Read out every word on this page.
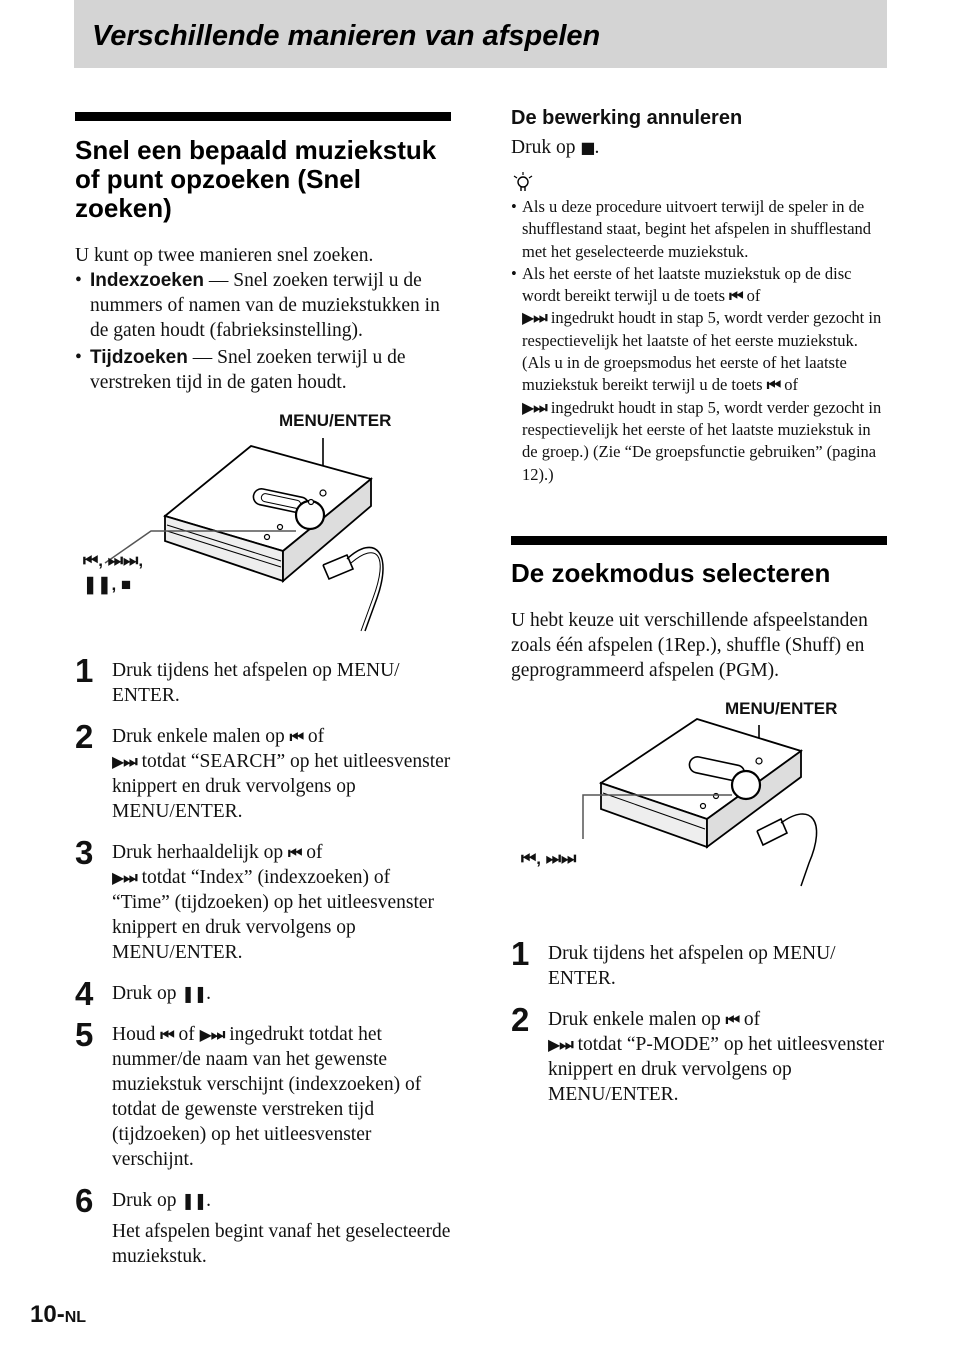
Verschillende manieren van afspelen
Snel een bepaald muziekstuk of punt opzoeken (Snel zoeken)

U kunt op twee manieren snel zoeken.

• Indexzoeken — Snel zoeken terwijl u de nummers of namen van de muziekstukken in de gaten houdt (fabrieksinstelling).

• Tijdzoeken — Snel zoeken terwijl u de verstreken tijd in de gaten houdt.

MENU/ENTER
⏮, ⏭⏭,
❚❚, ■

1 Druk tijdens het afspelen op MENU/ ENTER.

2 Druk enkele malen op ⏮ of
▶⏭ totdat “SEARCH” op het uitleesvenster knippert en druk vervolgens op MENU/ENTER.

3 Druk herhaaldelijk op ⏮ of
▶⏭ totdat “Index” (indexzoeken) of “Time” (tijdzoeken) op het uitleesvenster knippert en druk vervolgens op MENU/ENTER.

4 Druk op ❚❚.

5 Houd ⏮ of ▶⏭ ingedrukt totdat het nummer/de naam van het gewenste muziekstuk verschijnt (indexzoeken) of totdat de gewenste verstreken tijd (tijdzoeken) op het uitleesvenster verschijnt.

6 Druk op ❚❚.

Het afspelen begint vanaf het geselecteerde muziekstuk.

De bewerking annuleren

Druk op ■.

• Als u deze procedure uitvoert terwijl de speler in de shufflestand staat, begint het afspelen in shufflestand met het geselecteerde muziekstuk.

• Als het eerste of het laatste muziekstuk op de disc wordt bereikt terwijl u de toets ⏮ of
▶⏭ ingedrukt houdt in stap 5, wordt verder gezocht in respectievelijk het laatste of het eerste muziekstuk. (Als u in de groepsmodus het eerste of het laatste muziekstuk bereikt terwijl u de toets ⏮ of
▶⏭ ingedrukt houdt in stap 5, wordt verder gezocht in respectievelijk het eerste of het laatste muziekstuk in de groep.) (Zie “De groepsfunctie gebruiken” (pagina 12).)

De zoekmodus selecteren

U hebt keuze uit verschillende afspeelstanden zoals één afspelen (1Rep.), shuffle (Shuff) en geprogrammeerd afspelen (PGM).

MENU/ENTER
⏮, ⏭⏭

1 Druk tijdens het afspelen op MENU/ ENTER.

2 Druk enkele malen op ⏮ of
▶⏭ totdat “P-MODE” op het uitleesvenster knippert en druk vervolgens op MENU/ENTER.

10-NL
